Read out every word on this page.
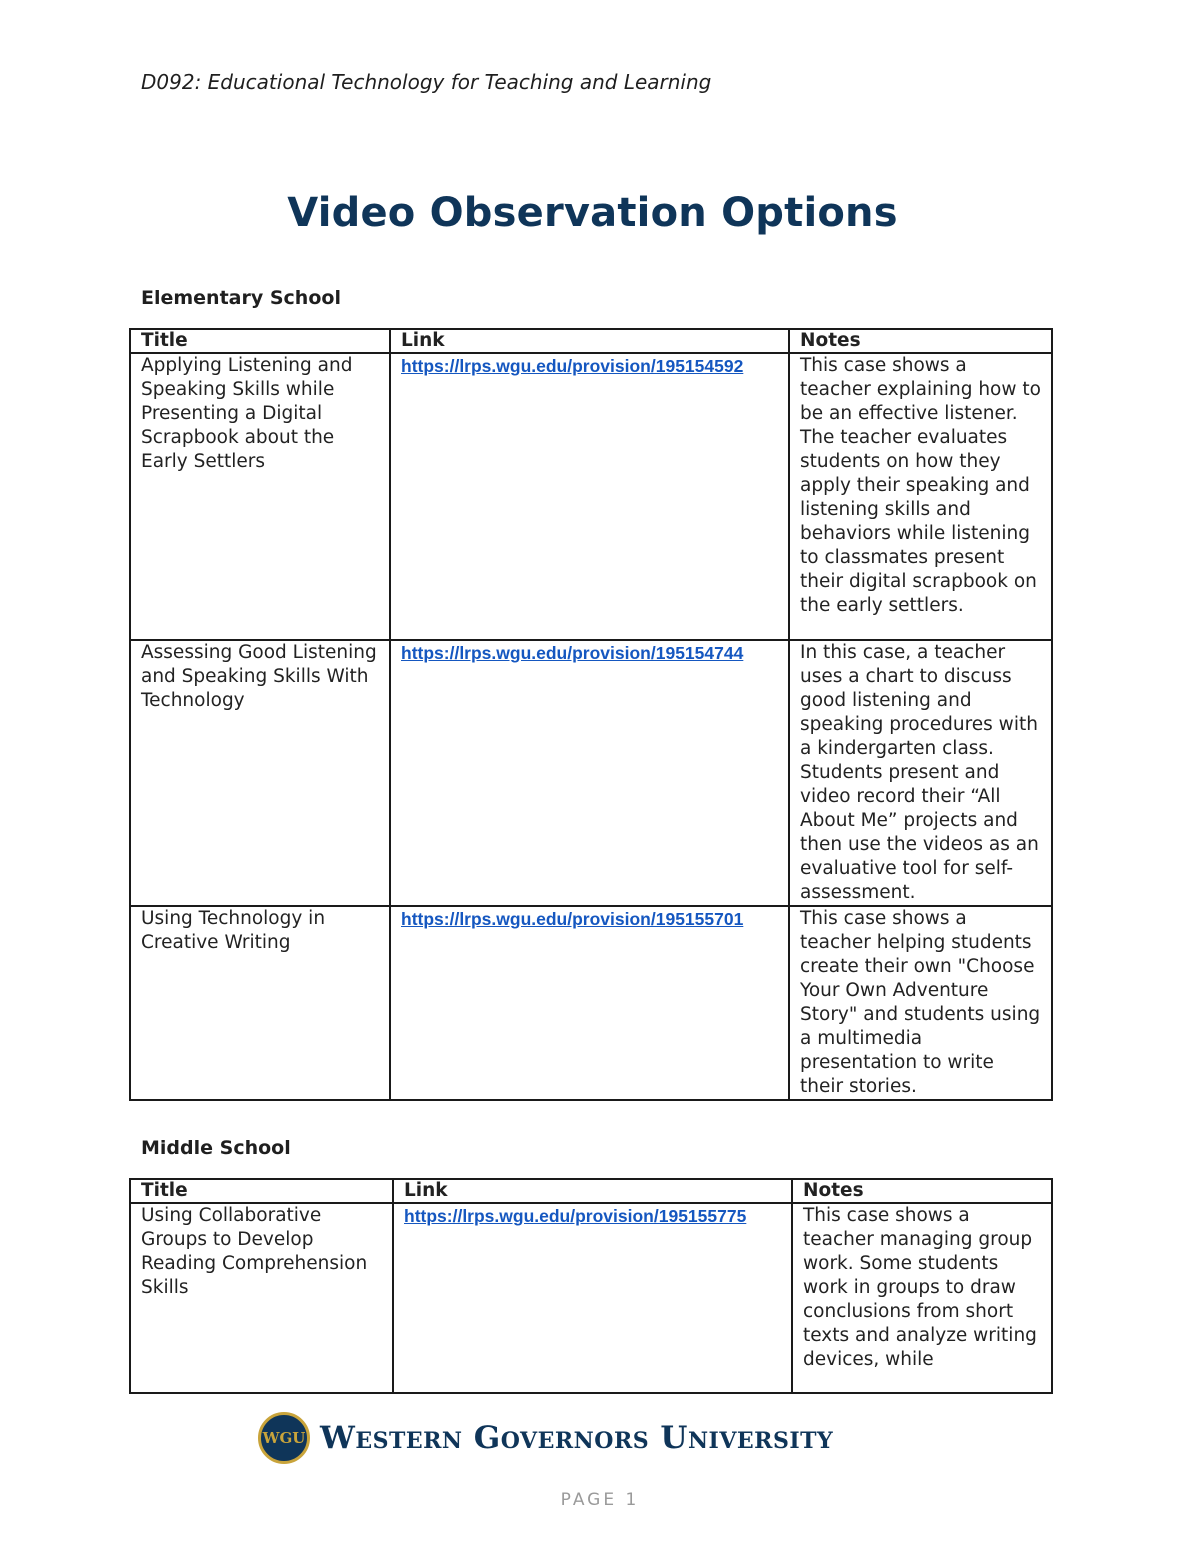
D092: Educational Technology for Teaching and Learning
Video Observation Options
Elementary School
Title	Link	Notes
Applying Listening and Speaking Skills while Presenting a Digital Scrapbook about the Early Settlers	https://lrps.wgu.edu/provision/195154592	This case shows a teacher explaining how to be an effective listener. The teacher evaluates students on how they apply their speaking and listening skills and behaviors while listening to classmates present their digital scrapbook on the early settlers.
Assessing Good Listening and Speaking Skills With Technology	https://lrps.wgu.edu/provision/195154744	In this case, a teacher uses a chart to discuss good listening and speaking procedures with a kindergarten class. Students present and video record their “All About Me” projects and then use the videos as an evaluative tool for self-assessment.
Using Technology in Creative Writing	https://lrps.wgu.edu/provision/195155701	This case shows a teacher helping students create their own "Choose Your Own Adventure Story" and students using a multimedia presentation to write their stories.
Middle School
Title	Link	Notes
Using Collaborative Groups to Develop Reading Comprehension Skills	https://lrps.wgu.edu/provision/195155775	This case shows a teacher managing group work. Some students work in groups to draw conclusions from short texts and analyze writing devices, while
WGU Western Governors University
PAGE 1
